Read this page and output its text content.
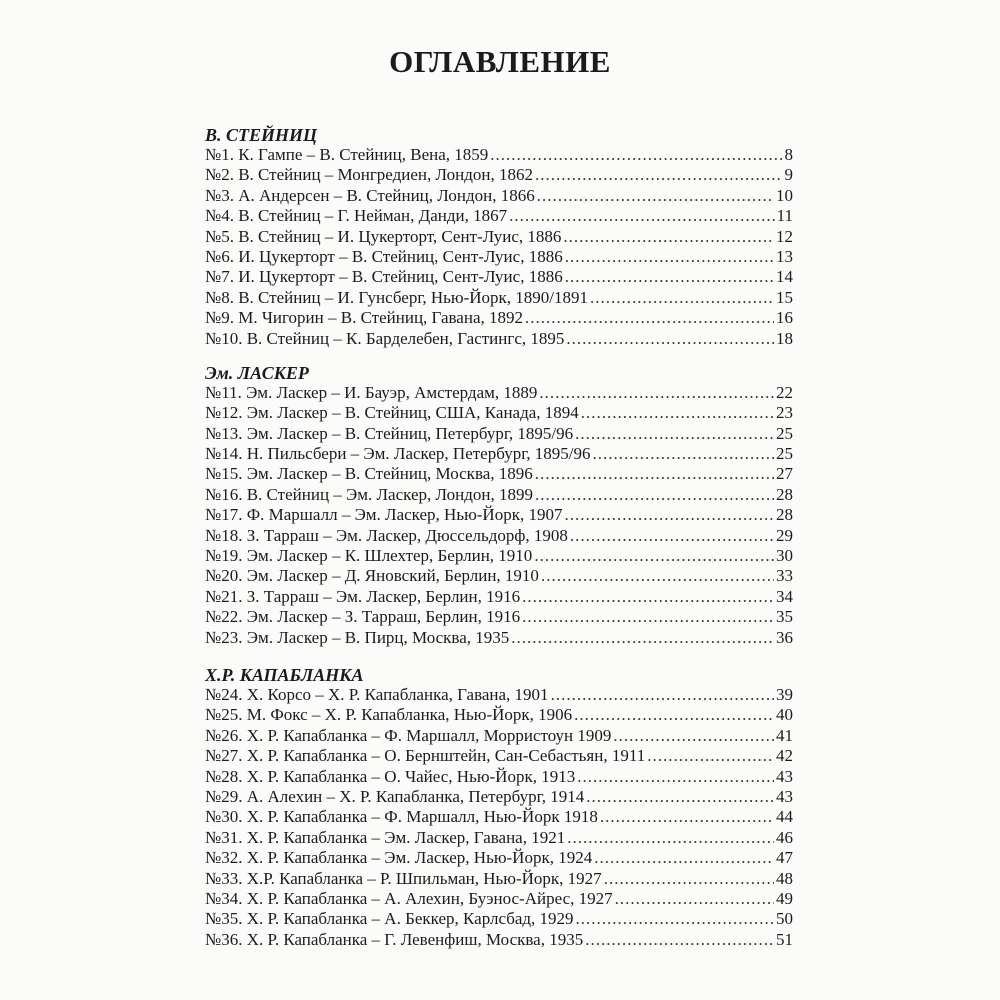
ОГЛАВЛЕНИЕ
В. СТЕЙНИЦ
№1. К. Гампе – В. Стейниц, Вена, 1859 .....	8
№2. В. Стейниц – Монгредиен, Лондон, 1862 .....	9
№3. А. Андерсен – В. Стейниц, Лондон, 1866 .....	10
№4. В. Стейниц – Г. Нейман, Данди, 1867 .....	11
№5. В. Стейниц – И. Цукерторт, Сент-Луис, 1886 .....	12
№6. И. Цукерторт – В. Стейниц, Сент-Луис, 1886 .....	13
№7. И. Цукерторт – В. Стейниц, Сент-Луис, 1886 .....	14
№8. В. Стейниц – И. Гунсберг, Нью-Йорк, 1890/1891 .....	15
№9. М. Чигорин – В. Стейниц, Гавана, 1892 .....	16
№10. В. Стейниц – К. Барделебен, Гастингс, 1895 .....	18
Эм. ЛАСКЕР
№11. Эм. Ласкер – И. Бауэр, Амстердам, 1889 .....	22
№12. Эм. Ласкер – В. Стейниц, США, Канада, 1894 .....	23
№13. Эм. Ласкер – В. Стейниц, Петербург, 1895/96 .....	25
№14. Н. Пильсбери – Эм. Ласкер, Петербург, 1895/96 .....	25
№15. Эм. Ласкер – В. Стейниц, Москва, 1896 .....	27
№16. В. Стейниц – Эм. Ласкер, Лондон, 1899 .....	28
№17. Ф. Маршалл – Эм. Ласкер, Нью-Йорк, 1907 .....	28
№18. З. Тарраш – Эм. Ласкер, Дюссельдорф, 1908 .....	29
№19. Эм. Ласкер – К. Шлехтер, Берлин, 1910 .....	30
№20. Эм. Ласкер – Д. Яновский, Берлин, 1910 .....	33
№21. З. Тарраш – Эм. Ласкер, Берлин, 1916 .....	34
№22. Эм. Ласкер – З. Тарраш, Берлин, 1916 .....	35
№23. Эм. Ласкер – В. Пирц, Москва, 1935 .....	36
Х.Р. КАПАБЛАНКА
№24. Х. Корсо – Х. Р. Капабланка, Гавана, 1901 .....	39
№25. М. Фокс – Х. Р. Капабланка, Нью-Йорк, 1906 .....	40
№26. Х. Р. Капабланка – Ф. Маршалл, Морристоун 1909 .....	41
№27. Х. Р. Капабланка – О. Бернштейн, Сан-Себастьян, 1911 .....	42
№28. Х. Р. Капабланка – О. Чайес, Нью-Йорк, 1913 .....	43
№29. А. Алехин – Х. Р. Капабланка, Петербург, 1914 .....	43
№30. Х. Р. Капабланка – Ф. Маршалл, Нью-Йорк 1918 .....	44
№31. Х. Р. Капабланка – Эм. Ласкер, Гавана, 1921 .....	46
№32. Х. Р. Капабланка – Эм. Ласкер, Нью-Йорк, 1924 .....	47
№33. Х.Р. Капабланка – Р. Шпильман, Нью-Йорк, 1927 .....	48
№34. Х. Р. Капабланка – А. Алехин, Буэнос-Айрес, 1927 .....	49
№35. Х. Р. Капабланка – А. Беккер, Карлсбад, 1929 .....	50
№36. Х. Р. Капабланка – Г. Левенфиш, Москва, 1935 .....	51
